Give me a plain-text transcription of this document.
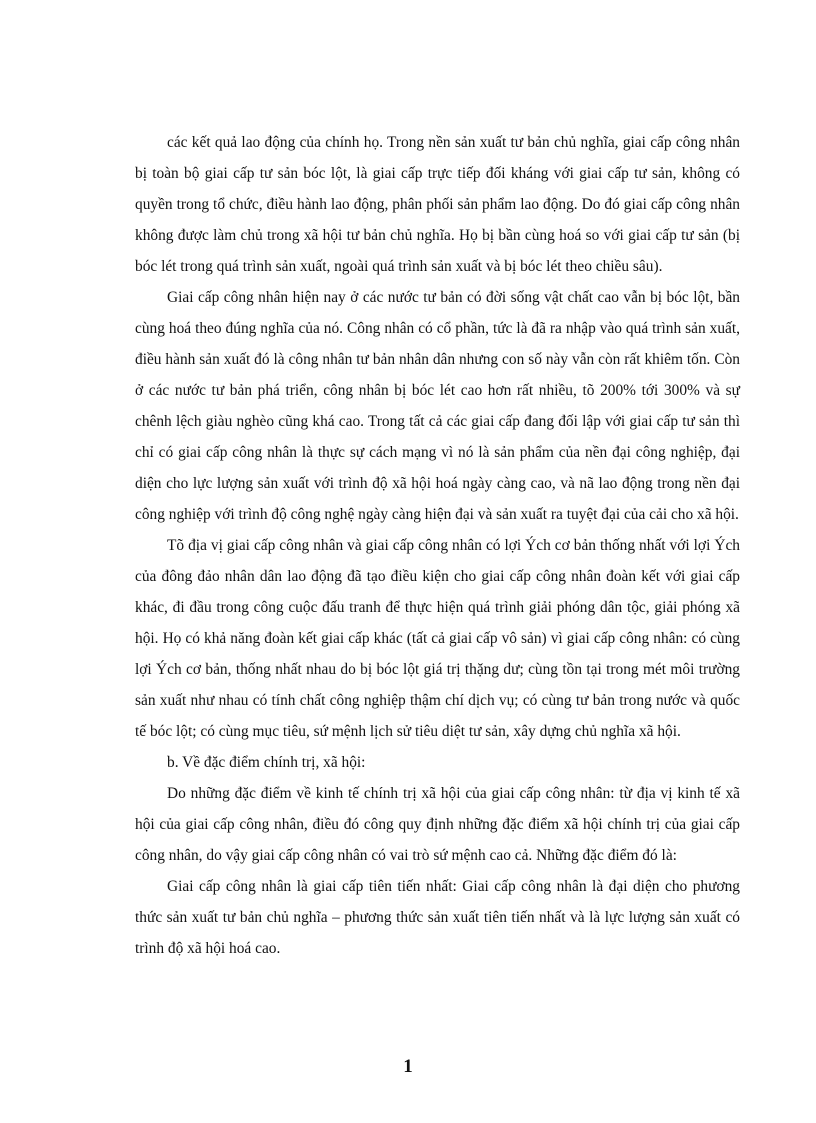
các kết quả lao động của chính họ. Trong nền sản xuất tư bản chủ nghĩa, giai cấp công nhân bị toàn bộ giai cấp tư sản bóc lột, là giai cấp trực tiếp đối kháng với giai cấp tư sản, không có quyền trong tổ chức, điều hành lao động, phân phối sản phẩm lao động. Do đó giai cấp công nhân không được làm chủ trong xã hội tư bản chủ nghĩa. Họ bị bần cùng hoá so với giai cấp tư sản (bị bóc lét trong quá trình sản xuất, ngoài quá trình sản xuất và bị bóc lét theo chiều sâu).

Giai cấp công nhân hiện nay ở các nước tư bản có đời sống vật chất cao vẫn bị bóc lột, bần cùng hoá theo đúng nghĩa của nó. Công nhân có cổ phần, tức là đã ra nhập vào quá trình sản xuất, điều hành sản xuất đó là công nhân tư bản nhân dân nhưng con số này vẫn còn rất khiêm tốn. Còn ở các nước tư bản phá triển, công nhân bị bóc lét cao hơn rất nhiều, tõ 200% tới 300% và sự chênh lệch giàu nghèo cũng khá cao. Trong tất cả các giai cấp đang đối lập với giai cấp tư sản thì chỉ có giai cấp công nhân là thực sự cách mạng vì nó là sản phẩm của nền đại công nghiệp, đại diện cho lực lượng sản xuất với trình độ xã hội hoá ngày càng cao, và nã lao động trong nền đại công nghiệp với trình độ công nghệ ngày càng hiện đại và sản xuất ra tuyệt đại của cải cho xã hội.

Tõ địa vị giai cấp công nhân và giai cấp công nhân có lợi Ých cơ bản thống nhất với lợi Ých của đông đảo nhân dân lao động đã tạo điều kiện cho giai cấp công nhân đoàn kết với giai cấp khác, đi đầu trong công cuộc đấu tranh để thực hiện quá trình giải phóng dân tộc, giải phóng xã hội. Họ có khả năng đoàn kết giai cấp khác (tất cả giai cấp vô sản) vì giai cấp công nhân: có cùng lợi Ých cơ bản, thống nhất nhau do bị bóc lột giá trị thặng dư; cùng tồn tại trong mét môi trường sản xuất như nhau có tính chất công nghiệp thậm chí dịch vụ; có cùng tư bản trong nước và quốc tế bóc lột; có cùng mục tiêu, sứ mệnh lịch sử tiêu diệt tư sản, xây dựng chủ nghĩa xã hội.

b. Về đặc điểm chính trị, xã hội:

Do những đặc điểm về kinh tế chính trị xã hội của giai cấp công nhân: từ địa vị kinh tế xã hội của giai cấp công nhân, điều đó công quy định những đặc điểm xã hội chính trị của giai cấp công nhân, do vậy giai cấp công nhân có vai trò sứ mệnh cao cả. Những đặc điểm đó là:

Giai cấp công nhân là giai cấp tiên tiến nhất: Giai cấp công nhân là đại diện cho phương thức sản xuất tư bản chủ nghĩa – phương thức sản xuất tiên tiến nhất và là lực lượng sản xuất có trình độ xã hội hoá cao.

1
